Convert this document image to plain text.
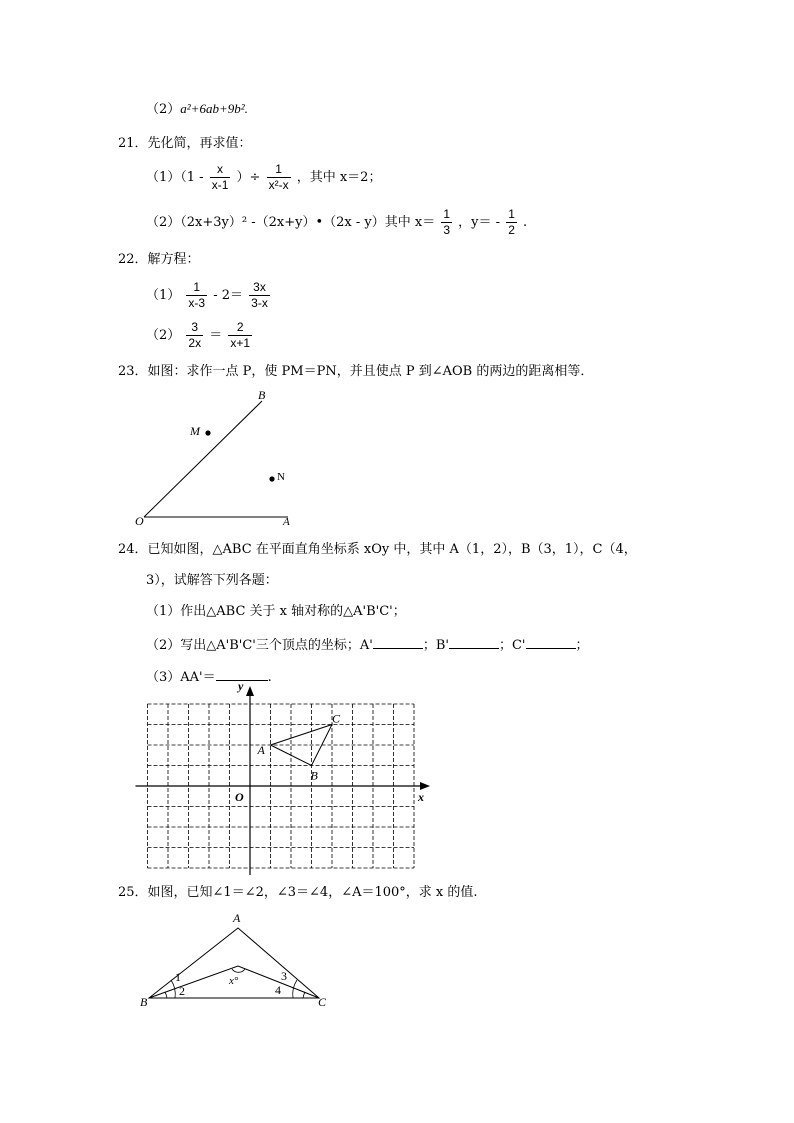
（2）a²+6ab+9b².
21．先化简，再求值：
$(1)(1 - \frac{x}{x-1}$ ）÷ $\frac{1}{\text{x²-x}}$ ，其中 x＝2；
（2）（2x+3y）² -（2x+y）•（2x - y）其中 $x= \frac{1}{3}$ ，$y= - \frac{1}{2}$ .
22．解方程：
$(1) \frac{1}{x-3} - 2= \frac{3x}{3-x}$
$(2) \frac{3}{2x} = \frac{2}{x+1}$
23．如图：求作一点 P，使 PM＝PN，并且使点 P 到∠AOB 的两边的距离相等．
B
M
N
O	A
24．已知如图，△ABC 在平面直角坐标系 xOy 中，其中 A（1，2），B（3，1），C（4，
3），试解答下列各题：
（1）作出△ABC 关于 x 轴对称的△A'B'C'；
（2）写出△A'B'C'三个顶点的坐标；A'	；B'	；C'	；
（3）AA'＝	.
x
y
O
A
B
C
25．如图，已知∠1＝∠2，∠3＝∠4，∠A＝100°，求 x 的值.
A
B	C
1
2
3
4
x°
